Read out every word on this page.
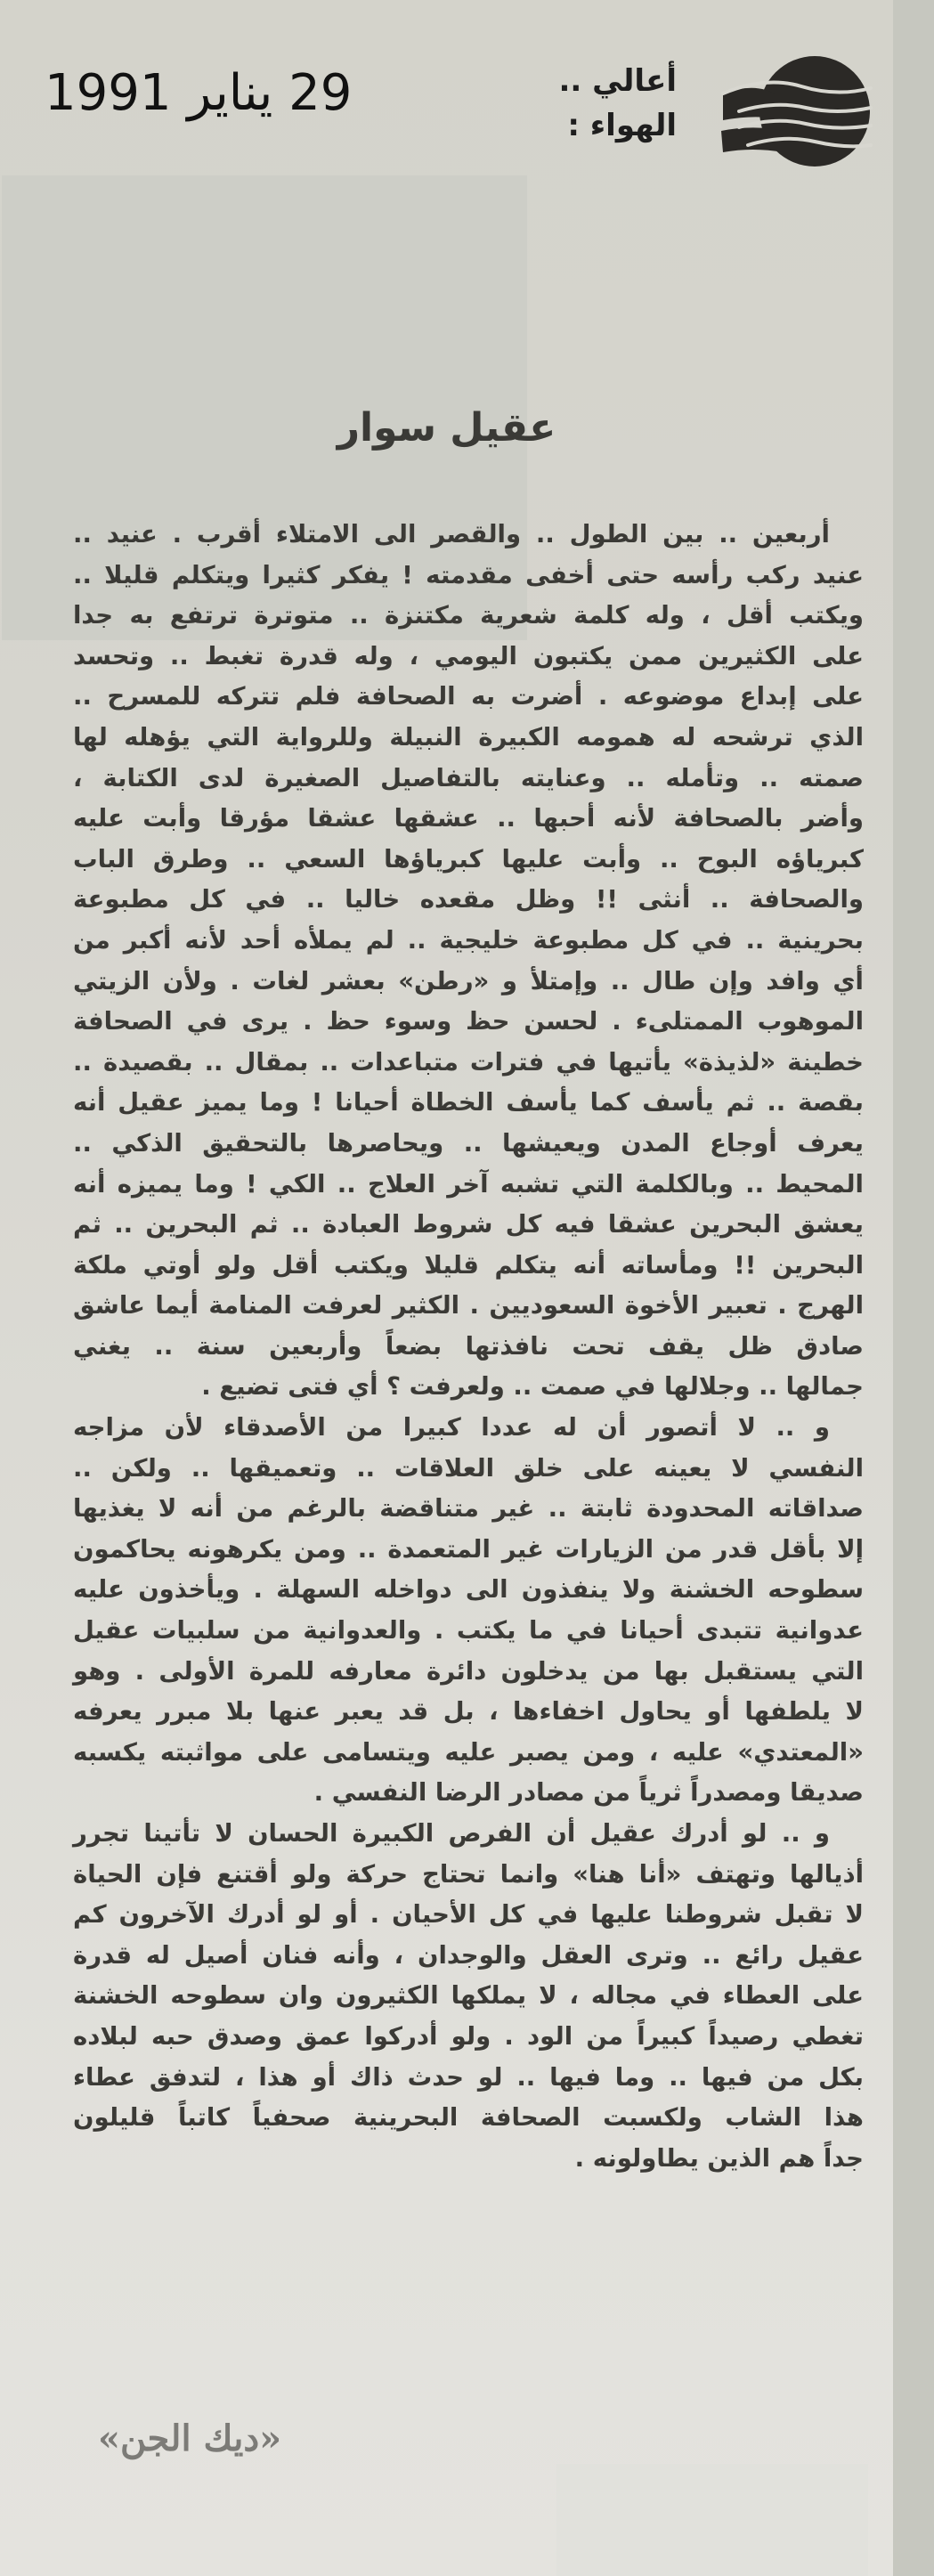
29 يناير 1991	أعالي ..
الهواء :
عقيل سوار
أربعين .. بين الطول .. والقصر الى الامتلاء أقرب . عنيد ..
عنيد ركب رأسه حتى أخفى مقدمته ! يفكر كثيرا ويتكلم قليلا ..
ويكتب أقل ، وله كلمة شعرية مكتنزة .. متوترة ترتفع به جدا
على الكثيرين ممن يكتبون اليومي ، وله قدرة تغبط .. وتحسد
على إبداع موضوعه . أضرت به الصحافة فلم تتركه للمسرح ..
الذي ترشحه له همومه الكبيرة النبيلة وللرواية التي يؤهله لها
صمته .. وتأمله .. وعنايته بالتفاصيل الصغيرة لدى الكتابة ،
وأضر بالصحافة لأنه أحبها .. عشقها عشقا مؤرقا وأبت عليه
كبرياؤه البوح .. وأبت عليها كبرياؤها السعي .. وطرق الباب
والصحافة .. أنثى !! وظل مقعده خاليا .. في كل مطبوعة
بحرينية .. في كل مطبوعة خليجية .. لم يملأه أحد لأنه أكبر من
أي وافد وإن طال .. وإمتلأ و «رطن» بعشر لغات . ولأن الزيتي
الموهوب الممتلىء . لحسن حظ وسوء حظ . يرى في الصحافة
خطينة «لذيذة» يأتيها في فترات متباعدات .. بمقال .. بقصيدة ..
بقصة .. ثم يأسف كما يأسف الخطاة أحيانا ! وما يميز عقيل أنه
يعرف أوجاع المدن ويعيشها .. ويحاصرها بالتحقيق الذكي ..
المحيط .. وبالكلمة التي تشبه آخر العلاج .. الكي ! وما يميزه أنه
يعشق البحرين عشقا فيه كل شروط العبادة .. ثم البحرين .. ثم
البحرين !! ومأساته أنه يتكلم قليلا ويكتب أقل ولو أوتي ملكة
الهرج . تعبير الأخوة السعوديين . الكثير لعرفت المنامة أيما عاشق
صادق ظل يقف تحت نافذتها بضعاً وأربعين سنة .. يغني
جمالها .. وجلالها في صمت .. ولعرفت ؟ أي فتى تضيع .
و .. لا أتصور أن له عددا كبيرا من الأصدقاء لأن مزاجه
النفسي لا يعينه على خلق العلاقات .. وتعميقها .. ولكن ..
صداقاته المحدودة ثابتة .. غير متناقضة بالرغم من أنه لا يغذيها
إلا بأقل قدر من الزيارات غير المتعمدة .. ومن يكرهونه يحاكمون
سطوحه الخشنة ولا ينفذون الى دواخله السهلة . ويأخذون عليه
عدوانية تتبدى أحيانا في ما يكتب . والعدوانية من سلبيات عقيل
التي يستقبل بها من يدخلون دائرة معارفه للمرة الأولى . وهو
لا يلطفها أو يحاول اخفاءها ، بل قد يعبر عنها بلا مبرر يعرفه
«المعتدي» عليه ، ومن يصبر عليه ويتسامى على مواثبته يكسبه
صديقا ومصدراً ثرياً من مصادر الرضا النفسي .
و .. لو أدرك عقيل أن الفرص الكبيرة الحسان لا تأتينا تجرر
أذيالها وتهتف «أنا هنا» وانما تحتاج حركة ولو أقتنع فإن الحياة
لا تقبل شروطنا عليها في كل الأحيان . أو لو أدرك الآخرون كم
عقيل رائع .. وترى العقل والوجدان ، وأنه فنان أصيل له قدرة
على العطاء في مجاله ، لا يملكها الكثيرون وان سطوحه الخشنة
تغطي رصيداً كبيراً من الود . ولو أدركوا عمق وصدق حبه لبلاده
بكل من فيها .. وما فيها .. لو حدث ذاك أو هذا ، لتدفق عطاء
هذا الشاب ولكسبت الصحافة البحرينية صحفياً كاتباً قليلون
جداً هم الذين يطاولونه .
«ديك الجن»
